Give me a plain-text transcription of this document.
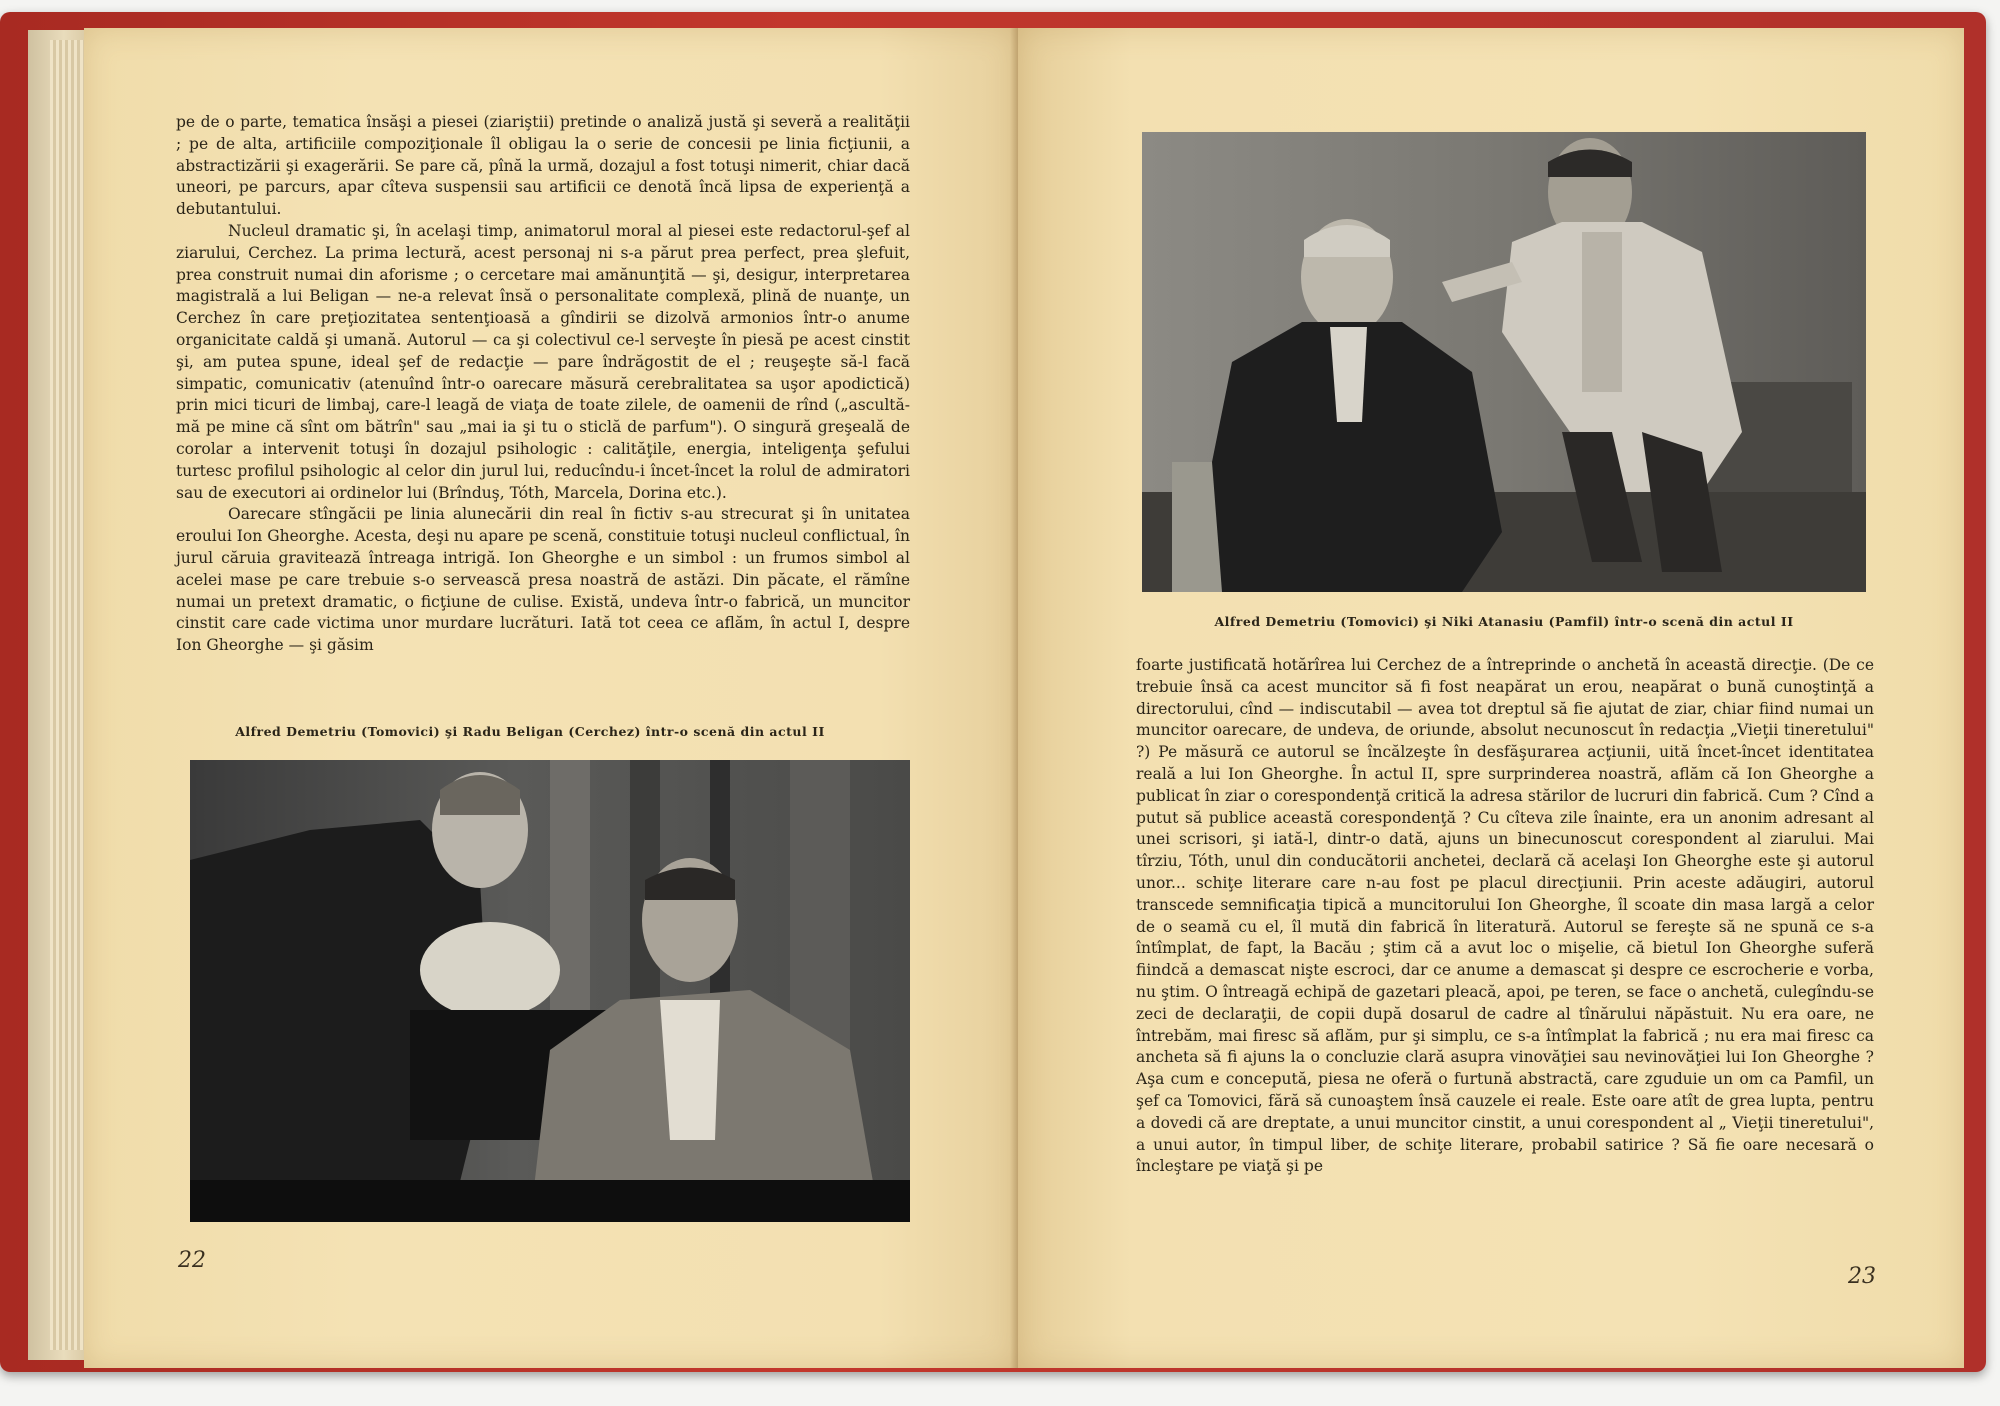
pe de o parte, tematica însăşi a piesei (ziariştii) pretinde o analiză justă şi severă a realităţii ; pe de alta, artificiile compoziţionale îl obligau la o serie de concesii pe linia ficţiunii, a abstractizării şi exagerării. Se pare că, pînă la urmă, dozajul a fost totuşi nimerit, chiar dacă uneori, pe parcurs, apar cîteva suspensii sau artificii ce denotă încă lipsa de experienţă a debutantului.

Nucleul dramatic şi, în acelaşi timp, animatorul moral al piesei este redactorul-şef al ziarului, Cerchez. La prima lectură, acest personaj ni s-a părut prea perfect, prea şlefuit, prea construit numai din aforisme ; o cercetare mai amănunţită — şi, desigur, interpretarea magistrală a lui Beligan — ne-a relevat însă o personalitate complexă, plină de nuanţe, un Cerchez în care preţiozitatea sentenţioasă a gîndirii se dizolvă armonios într-o anume organicitate caldă şi umană. Autorul — ca şi colectivul ce-l serveşte în piesă pe acest cinstit şi, am putea spune, ideal şef de redacţie — pare îndrăgostit de el ; reuşeşte să-l facă simpatic, comunicativ (atenuînd într-o oarecare măsură cerebralitatea sa uşor apodictică) prin mici ticuri de limbaj, care-l leagă de viaţa de toate zilele, de oamenii de rînd („ascultă-mă pe mine că sînt om bătrîn" sau „mai ia şi tu o sticlă de parfum"). O singură greşeală de corolar a intervenit totuşi în dozajul psihologic : calităţile, energia, inteligenţa şefului turtesc profilul psihologic al celor din jurul lui, reducîndu-i încet-încet la rolul de admiratori sau de executori ai ordinelor lui (Brînduş, Tóth, Marcela, Dorina etc.).

Oarecare stîngăcii pe linia alunecării din real în fictiv s-au strecurat şi în unitatea eroului Ion Gheorghe. Acesta, deşi nu apare pe scenă, constituie totuşi nucleul conflictual, în jurul căruia gravitează întreaga intrigă. Ion Gheorghe e un simbol : un frumos simbol al acelei mase pe care trebuie s-o servească presa noastră de astăzi. Din păcate, el rămîne numai un pretext dramatic, o ficţiune de culise. Există, undeva într-o fabrică, un muncitor cinstit care cade victima unor murdare lucrături. Iată tot ceea ce aflăm, în actul I, despre Ion Gheorghe — şi găsim

Alfred Demetriu (Tomovici) şi Radu Beligan (Cerchez) într-o scenă din actul II
22
Alfred Demetriu (Tomovici) şi Niki Atanasiu (Pamfil) într-o scenă din actul II

foarte justificată hotărîrea lui Cerchez de a întreprinde o anchetă în această direcţie. (De ce trebuie însă ca acest muncitor să fi fost neapărat un erou, neapărat o bună cunoştinţă a directorului, cînd — indiscutabil — avea tot dreptul să fie ajutat de ziar, chiar fiind numai un muncitor oarecare, de undeva, de oriunde, absolut necunoscut în redacţia „Vieţii tineretului" ?) Pe măsură ce autorul se încălzeşte în desfăşurarea acţiunii, uită încet-încet identitatea reală a lui Ion Gheorghe. În actul II, spre surprinderea noastră, aflăm că Ion Gheorghe a publicat în ziar o corespondenţă critică la adresa stărilor de lucruri din fabrică. Cum ? Cînd a putut să publice această corespondenţă ? Cu cîteva zile înainte, era un anonim adresant al unei scrisori, şi iată-l, dintr-o dată, ajuns un binecunoscut corespondent al ziarului. Mai tîrziu, Tóth, unul din conducătorii anchetei, declară că acelaşi Ion Gheorghe este şi autorul unor... schiţe literare care n-au fost pe placul direcţiunii. Prin aceste adăugiri, autorul transcede semnificaţia tipică a muncitorului Ion Gheorghe, îl scoate din masa largă a celor de o seamă cu el, îl mută din fabrică în literatură. Autorul se fereşte să ne spună ce s-a întîmplat, de fapt, la Bacău ; ştim că a avut loc o mişelie, că bietul Ion Gheorghe suferă fiindcă a demascat nişte escroci, dar ce anume a demascat şi despre ce escrocherie e vorba, nu ştim. O întreagă echipă de gazetari pleacă, apoi, pe teren, se face o anchetă, culegîndu-se zeci de declaraţii, de copii după dosarul de cadre al tînărului năpăstuit. Nu era oare, ne întrebăm, mai firesc să aflăm, pur şi simplu, ce s-a întîmplat la fabrică ; nu era mai firesc ca ancheta să fi ajuns la o concluzie clară asupra vinovăţiei sau nevinovăţiei lui Ion Gheorghe ? Aşa cum e concepută, piesa ne oferă o furtună abstractă, care zguduie un om ca Pamfil, un şef ca Tomovici, fără să cunoaştem însă cauzele ei reale. Este oare atît de grea lupta, pentru a dovedi că are dreptate, a unui muncitor cinstit, a unui corespondent al „ Vieţii tineretului", a unui autor, în timpul liber, de schiţe literare, probabil satirice ? Să fie oare necesară o încleştare pe viaţă şi pe

23
